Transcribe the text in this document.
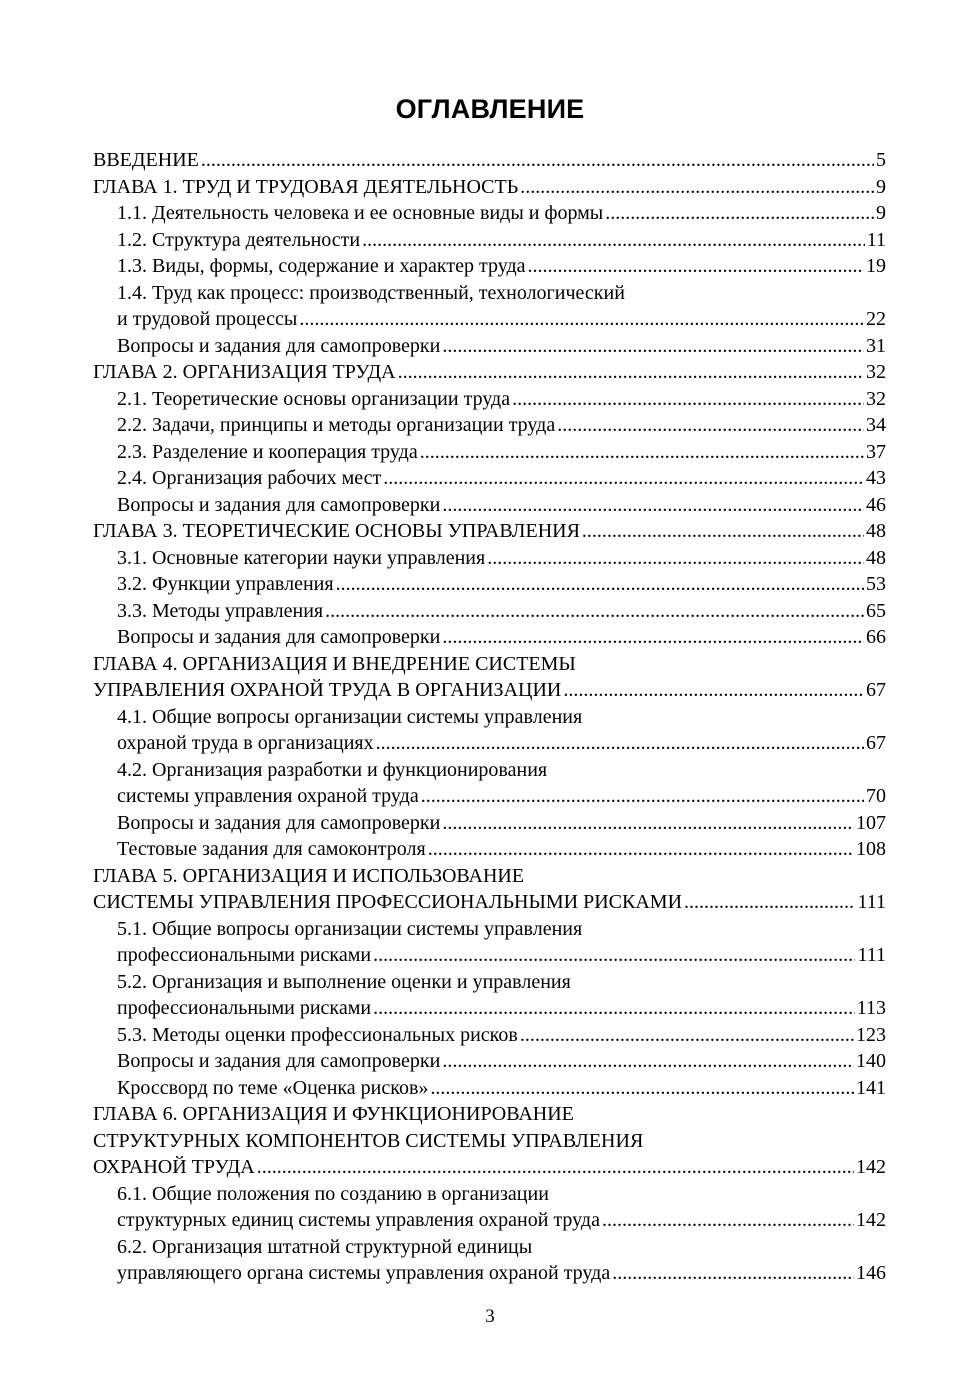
ОГЛАВЛЕНИЕ
ВВЕДЕНИЕ .....	5
ГЛАВА 1. ТРУД И ТРУДОВАЯ ДЕЯТЕЛЬНОСТЬ .....	9
1.1. Деятельность человека и ее основные виды и формы .....	9
1.2. Структура деятельности .....	11
1.3. Виды, формы, содержание и характер труда .....	19
1.4. Труд как процесс: производственный, технологический
и трудовой процессы .....	22
Вопросы и задания для самопроверки .....	31
ГЛАВА 2. ОРГАНИЗАЦИЯ ТРУДА .....	32
2.1. Теоретические основы организации труда .....	32
2.2. Задачи, принципы и методы организации труда .....	34
2.3. Разделение и кооперация труда .....	37
2.4. Организация рабочих мест .....	43
Вопросы и задания для самопроверки .....	46
ГЛАВА 3. ТЕОРЕТИЧЕСКИЕ ОСНОВЫ УПРАВЛЕНИЯ .....	48
3.1. Основные категории науки управления .....	48
3.2. Функции управления .....	53
3.3. Методы управления .....	65
Вопросы и задания для самопроверки .....	66
ГЛАВА 4. ОРГАНИЗАЦИЯ И ВНЕДРЕНИЕ СИСТЕМЫ
УПРАВЛЕНИЯ ОХРАНОЙ ТРУДА В ОРГАНИЗАЦИИ .....	67
4.1. Общие вопросы организации системы управления
охраной труда в организациях .....	67
4.2. Организация разработки и функционирования
системы управления охраной труда .....	70
Вопросы и задания для самопроверки .....	107
Тестовые задания для самоконтроля .....	108
ГЛАВА 5. ОРГАНИЗАЦИЯ И ИСПОЛЬЗОВАНИЕ
СИСТЕМЫ УПРАВЛЕНИЯ ПРОФЕССИОНАЛЬНЫМИ РИСКАМИ .....	111
5.1. Общие вопросы организации системы управления
профессиональными рисками .....	111
5.2. Организация и выполнение оценки и управления
профессиональными рисками .....	113
5.3. Методы оценки профессиональных рисков .....	123
Вопросы и задания для самопроверки .....	140
Кроссворд по теме «Оценка рисков» .....	141
ГЛАВА 6. ОРГАНИЗАЦИЯ И ФУНКЦИОНИРОВАНИЕ
СТРУКТУРНЫХ КОМПОНЕНТОВ СИСТЕМЫ УПРАВЛЕНИЯ
ОХРАНОЙ ТРУДА .....	142
6.1. Общие положения по созданию в организации
структурных единиц системы управления охраной труда .....	142
6.2. Организация штатной структурной единицы
управляющего органа системы управления охраной труда .....	146
3
